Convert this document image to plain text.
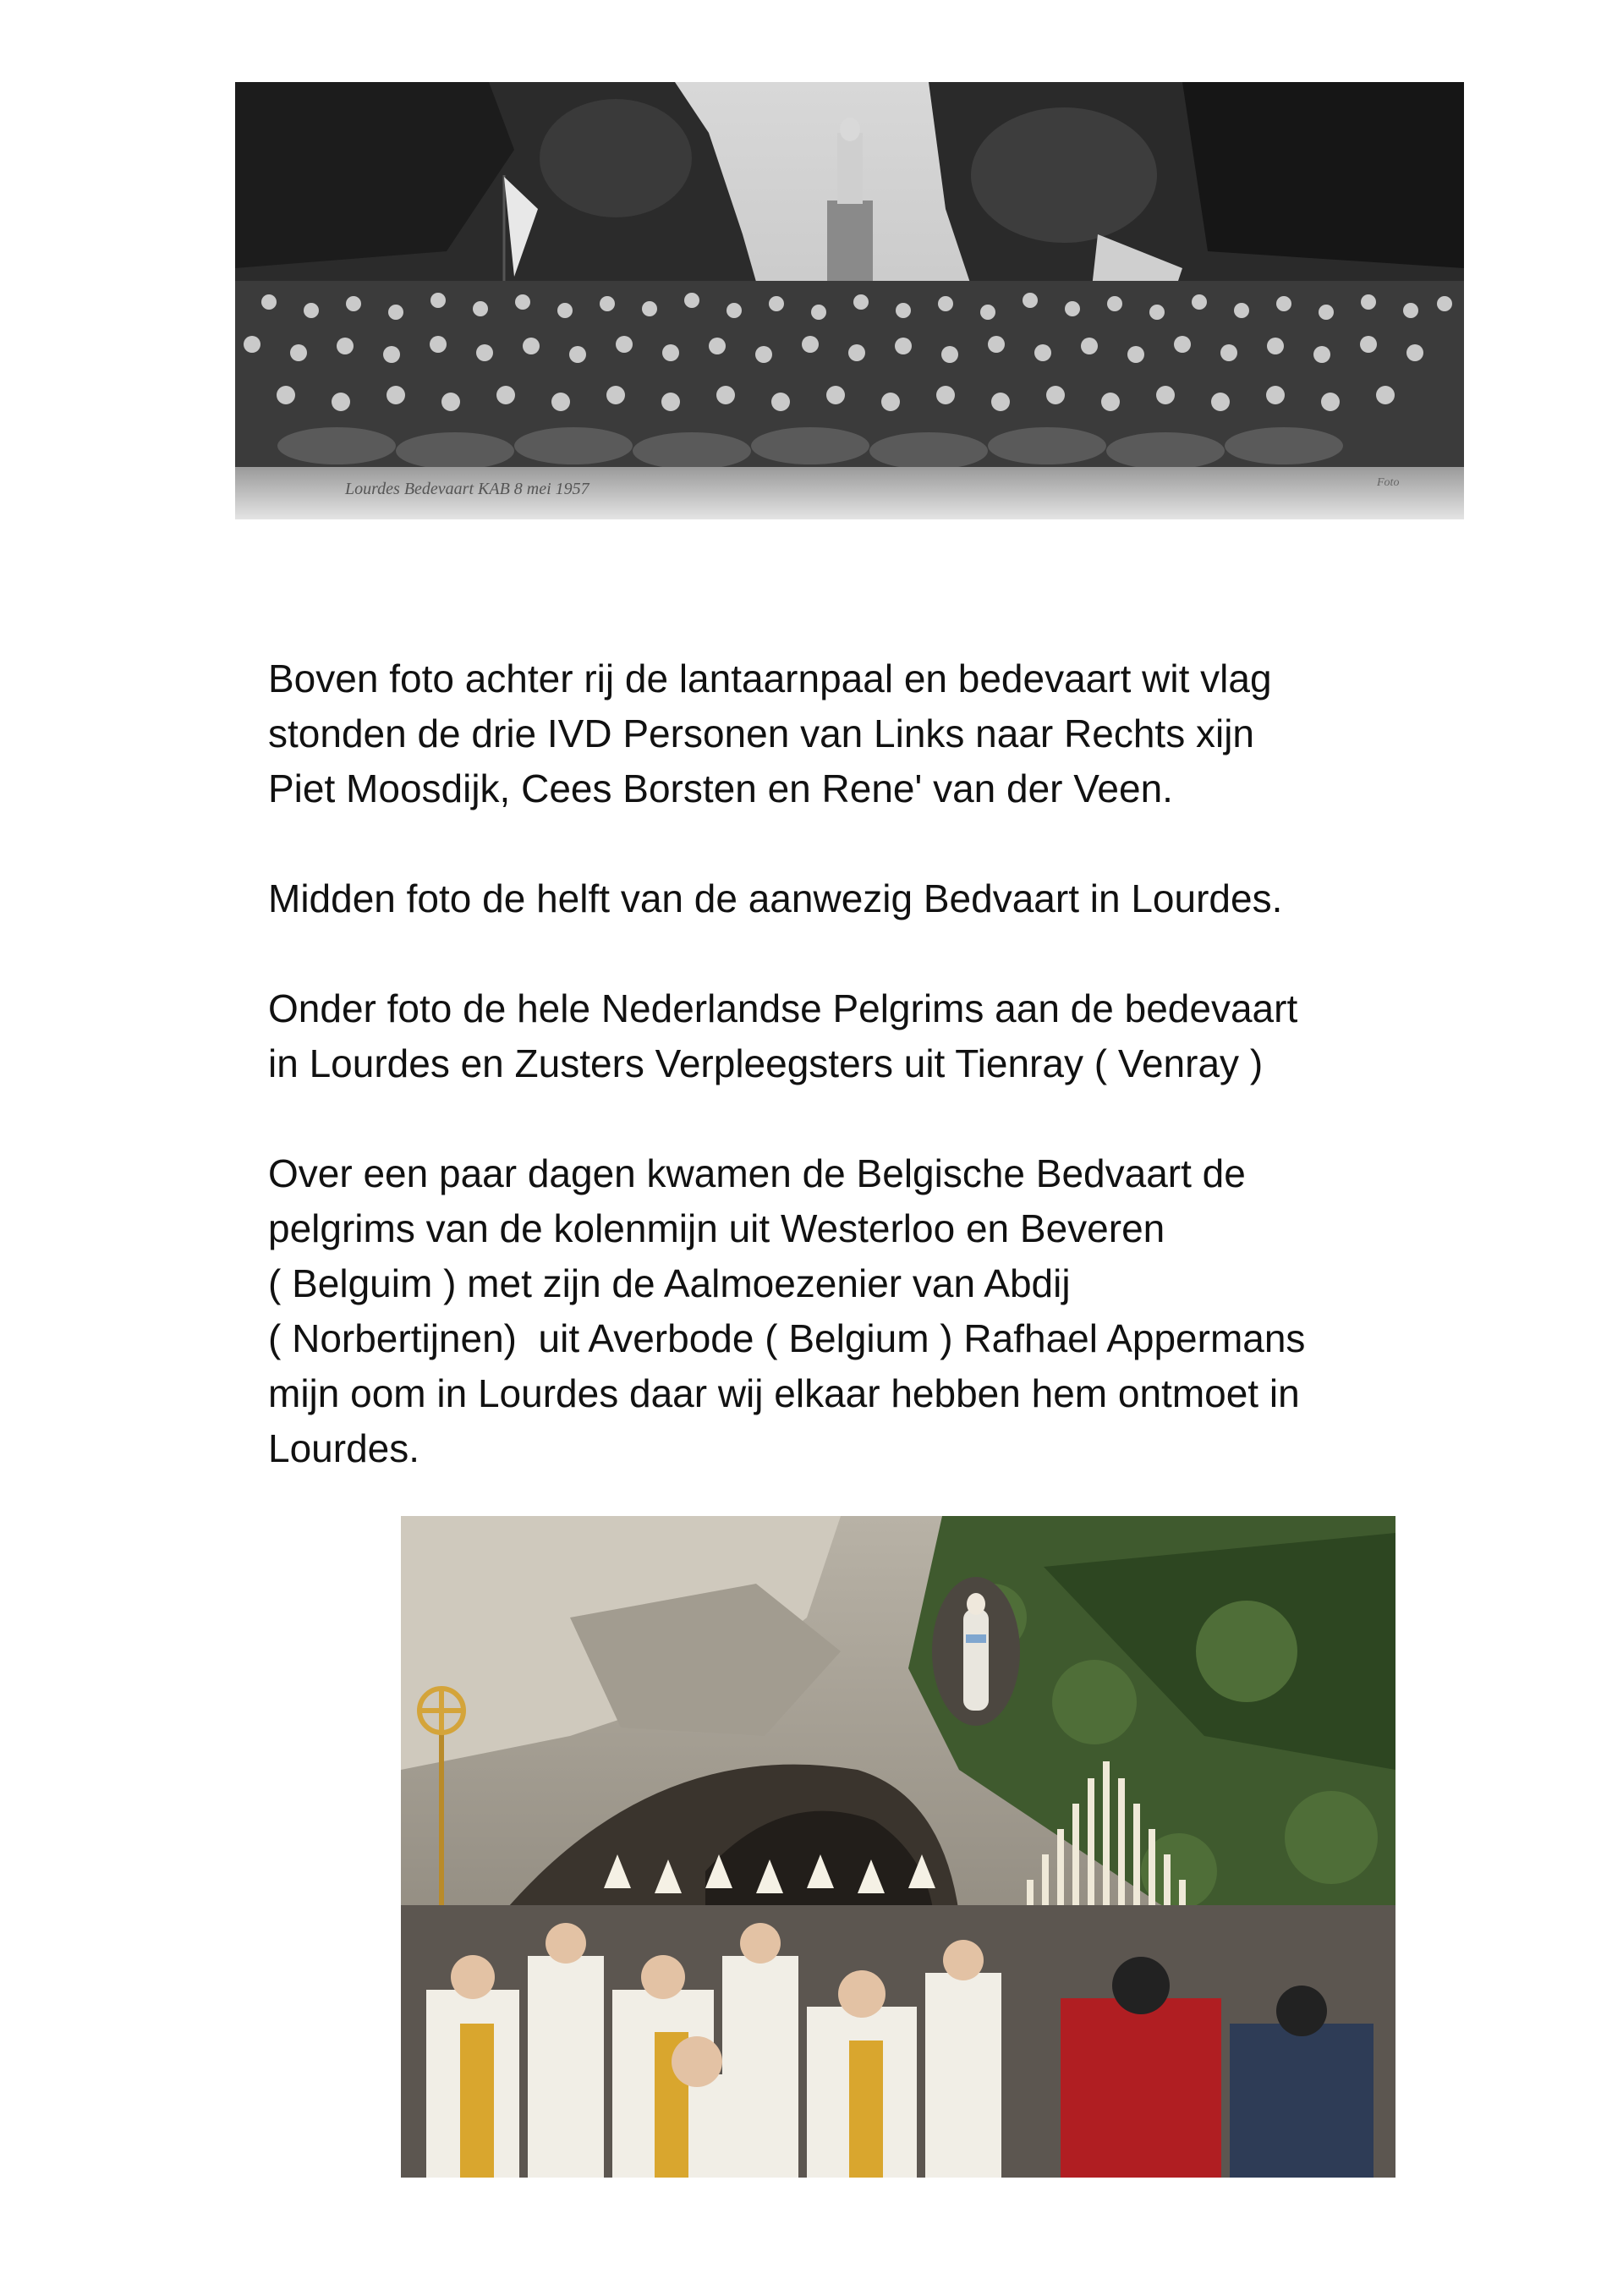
Lourdes Bedevaart KAB 8 mei 1957	Foto
Boven foto achter rij de lantaarnpaal en bedevaart wit vlag
stonden de drie IVD Personen van Links naar Rechts xijn
Piet Moosdijk, Cees Borsten en Rene' van der Veen.
Midden foto de helft van de aanwezig Bedvaart in Lourdes.
Onder foto de hele Nederlandse Pelgrims aan de bedevaart
in Lourdes en Zusters Verpleegsters uit Tienray ( Venray )
Over een paar dagen kwamen de Belgische Bedvaart de
pelgrims van de kolenmijn uit Westerloo en Beveren
( Belguim ) met zijn de Aalmoezenier van Abdij
( Norbertijnen)  uit Averbode ( Belgium ) Rafhael Appermans
mijn oom in Lourdes daar wij elkaar hebben hem ontmoet in
Lourdes.
